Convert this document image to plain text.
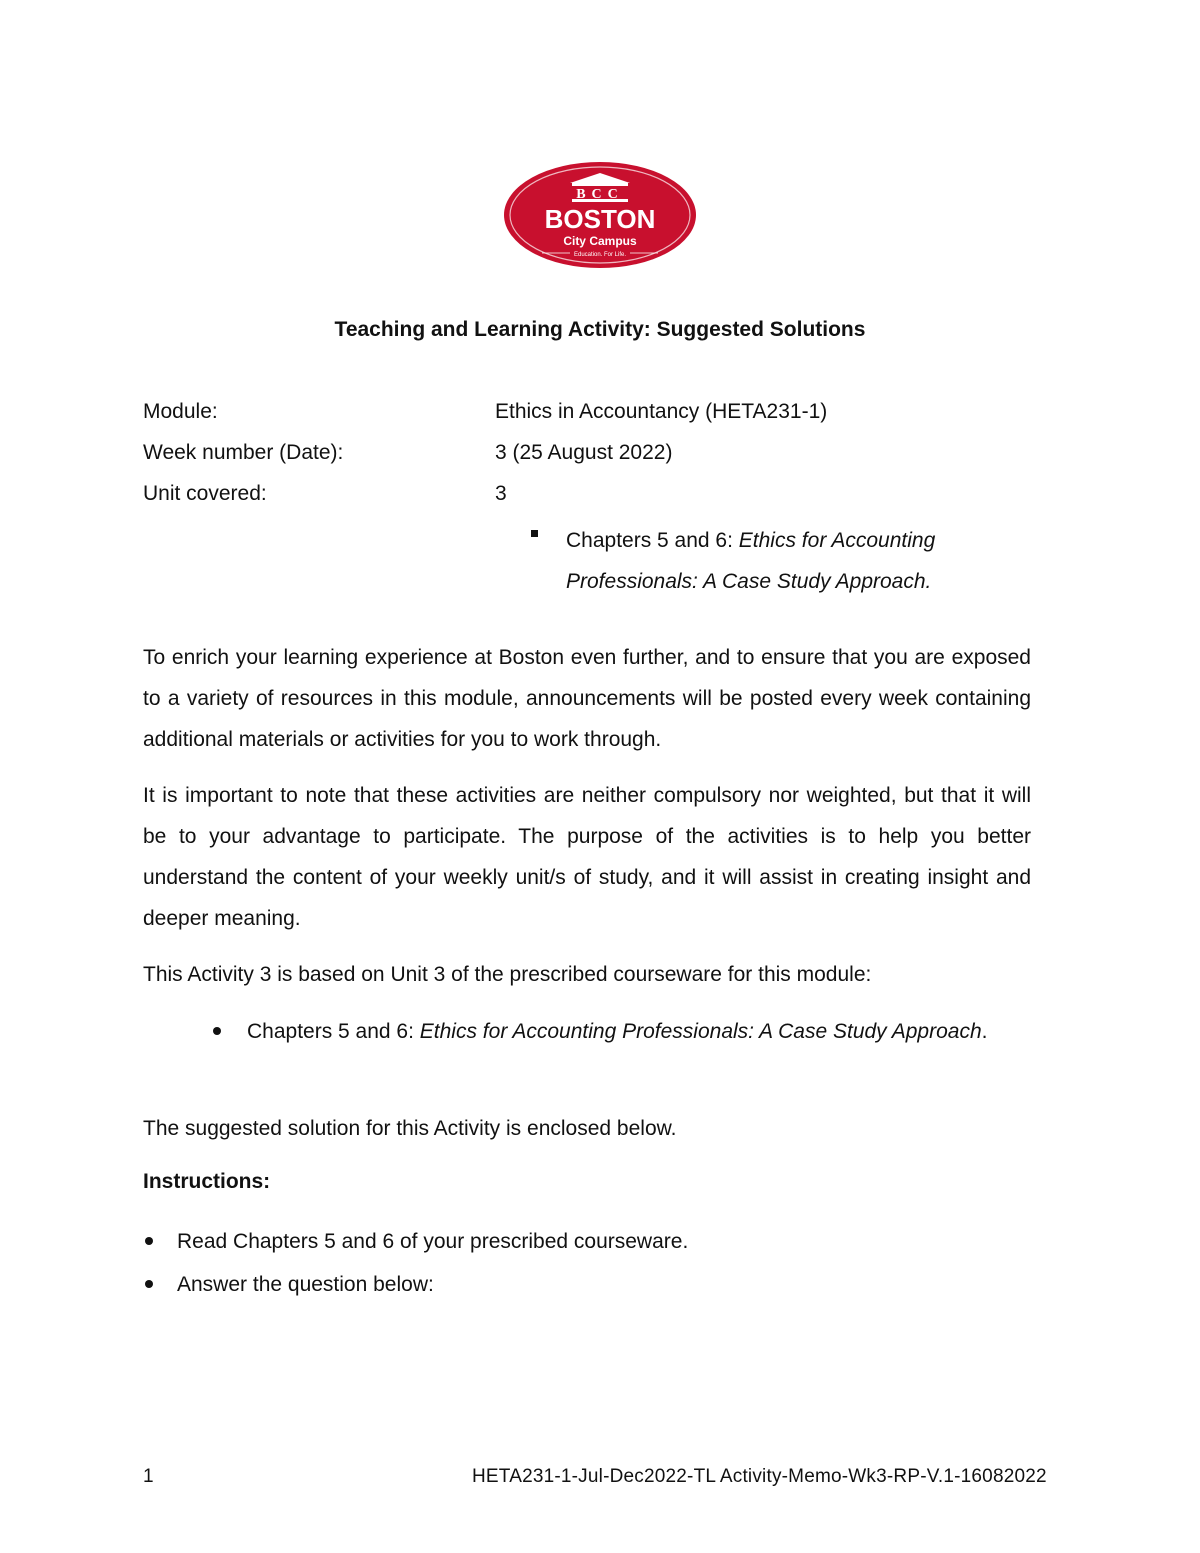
BCC
BOSTON
City Campus
Education. For Life.
Teaching and Learning Activity: Suggested Solutions
Module:	Ethics in Accountancy (HETA231-1)
Week number (Date):	3 (25 August 2022)
Unit covered:	3
Chapters 5 and 6: Ethics for Accounting Professionals: A Case Study Approach.
To enrich your learning experience at Boston even further, and to ensure that you are exposed to a variety of resources in this module, announcements will be posted every week containing additional materials or activities for you to work through.
It is important to note that these activities are neither compulsory nor weighted, but that it will be to your advantage to participate. The purpose of the activities is to help you better understand the content of your weekly unit/s of study, and it will assist in creating insight and deeper meaning.
This Activity 3 is based on Unit 3 of the prescribed courseware for this module:
Chapters 5 and 6: Ethics for Accounting Professionals: A Case Study Approach.
The suggested solution for this Activity is enclosed below.
Instructions:
Read Chapters 5 and 6 of your prescribed courseware.
Answer the question below:
1	HETA231-1-Jul-Dec2022-TL Activity-Memo-Wk3-RP-V.1-16082022
